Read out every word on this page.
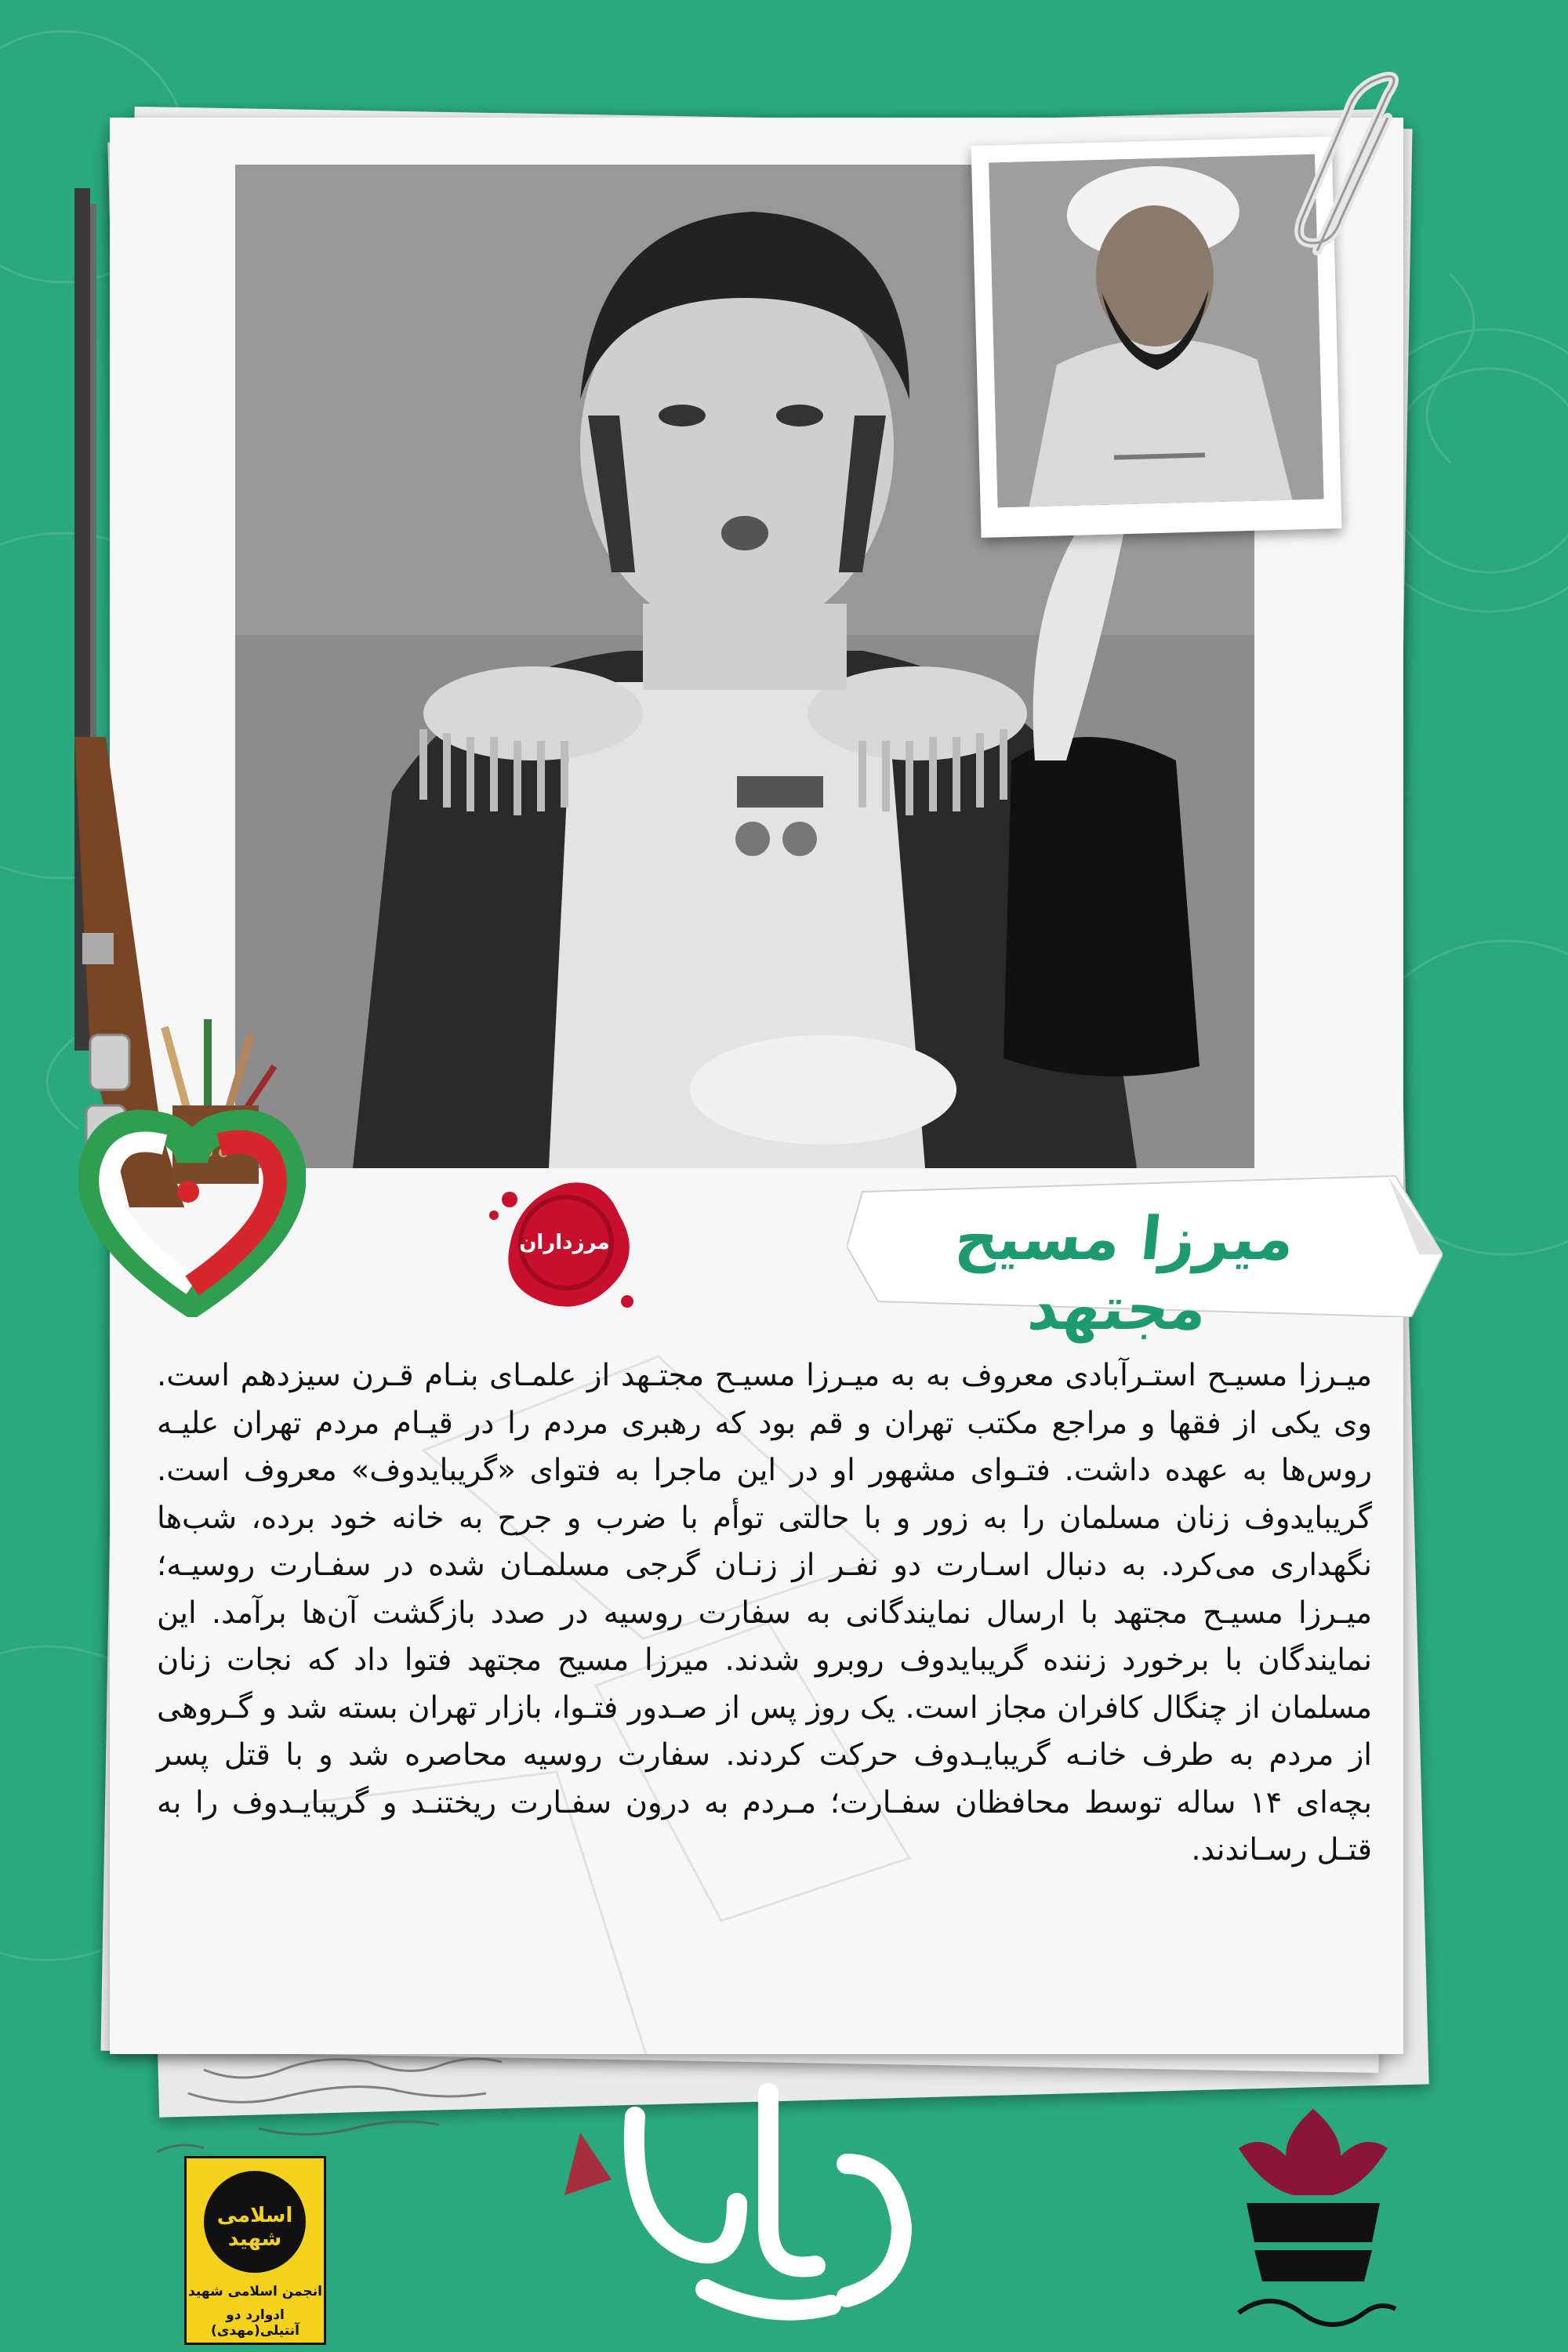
میرزا مسیح مجتهد
مرزداران
میـرزا مسیـح استـرآبادی معروف به به میـرزا مسیـح مجتـهد از علمـای بنـام قـرن سیزدهم است. وی یکی از فقها و مراجع مکتب تهران و قم بود که رهبری مردم را در قیـام مردم تهران علیـه روس‌ها به عهده داشت. فتـوای مشهور او در این ماجرا به فتوای «گریبایدوف» معروف است. گریبایدوف زنان مسلمان را به زور و با حالتی توأم با ضرب و جرح به خانه خود برده، شب‌ها نگهداری می‌کرد. به دنبال اسـارت دو نفـر از زنـان گرجی مسلمـان شده در سفـارت روسیـه؛ میـرزا مسیـح مجتهد با ارسال نمایندگانی به سفارت روسیه در صدد بازگشت آن‌ها برآمد. این نمایندگان با برخورد زننده گریبایدوف روبرو شدند. میرزا مسیح مجتهد فتوا داد که نجات زنان مسلمان از چنگال کافران مجاز است. یک روز پس از صـدور فتـوا، بازار تهران بسته شد و گـروهی از مردم به طرف خانـه گریبایـدوف حرکت کردند. سفارت روسیه محاصره شد و با قتل پسر بچه‌ای ۱۴ ساله توسط محافظان سفـارت؛ مـردم به درون سفـارت ریختنـد و گریبایـدوف را به قتـل رسـاندند.
اسلامی شهید
انجمن اسلامی شهید
ادوارد دو آنتیلی(مهدی)
